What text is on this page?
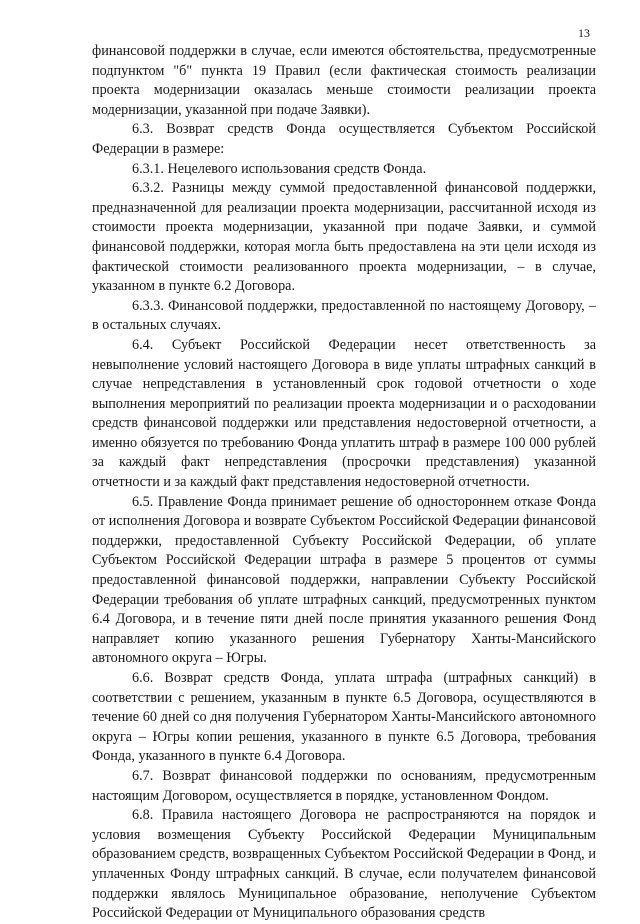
13

финансовой поддержки в случае, если имеются обстоятельства, предусмотренные подпунктом "б" пункта 19 Правил (если фактическая стоимость реализации проекта модернизации оказалась меньше стоимости реализации проекта модернизации, указанной при подаче Заявки).

6.3. Возврат средств Фонда осуществляется Субъектом Российской Федерации в размере:

6.3.1. Нецелевого использования средств Фонда.

6.3.2. Разницы между суммой предоставленной финансовой поддержки, предназначенной для реализации проекта модернизации, рассчитанной исходя из стоимости проекта модернизации, указанной при подаче Заявки, и суммой финансовой поддержки, которая могла быть предоставлена на эти цели исходя из фактической стоимости реализованного проекта модернизации, – в случае, указанном в пункте 6.2 Договора.

6.3.3. Финансовой поддержки, предоставленной по настоящему Договору, – в остальных случаях.

6.4. Субъект Российской Федерации несет ответственность за невыполнение условий настоящего Договора в виде уплаты штрафных санкций в случае непредставления в установленный срок годовой отчетности о ходе выполнения мероприятий по реализации проекта модернизации и о расходовании средств финансовой поддержки или представления недостоверной отчетности, а именно обязуется по требованию Фонда уплатить штраф в размере 100 000 рублей за каждый факт непредставления (просрочки представления) указанной отчетности и за каждый факт представления недостоверной отчетности.

6.5. Правление Фонда принимает решение об одностороннем отказе Фонда от исполнения Договора и возврате Субъектом Российской Федерации финансовой поддержки, предоставленной Субъекту Российской Федерации, об уплате Субъектом Российской Федерации штрафа в размере 5 процентов от суммы предоставленной финансовой поддержки, направлении Субъекту Российской Федерации требования об уплате штрафных санкций, предусмотренных пунктом 6.4 Договора, и в течение пяти дней после принятия указанного решения Фонд направляет копию указанного решения Губернатору Ханты-Мансийского автономного округа – Югры.

6.6. Возврат средств Фонда, уплата штрафа (штрафных санкций) в соответствии с решением, указанным в пункте 6.5 Договора, осуществляются в течение 60 дней со дня получения Губернатором Ханты-Мансийского автономного округа – Югры копии решения, указанного в пункте 6.5 Договора, требования Фонда, указанного в пункте 6.4 Договора.

6.7. Возврат финансовой поддержки по основаниям, предусмотренным настоящим Договором, осуществляется в порядке, установленном Фондом.

6.8. Правила настоящего Договора не распространяются на порядок и условия возмещения Субъекту Российской Федерации Муниципальным образованием средств, возвращенных Субъектом Российской Федерации в Фонд, и уплаченных Фонду штрафных санкций. В случае, если получателем финансовой поддержки являлось Муниципальное образование, неполучение Субъектом Российской Федерации от Муниципального образования средств
